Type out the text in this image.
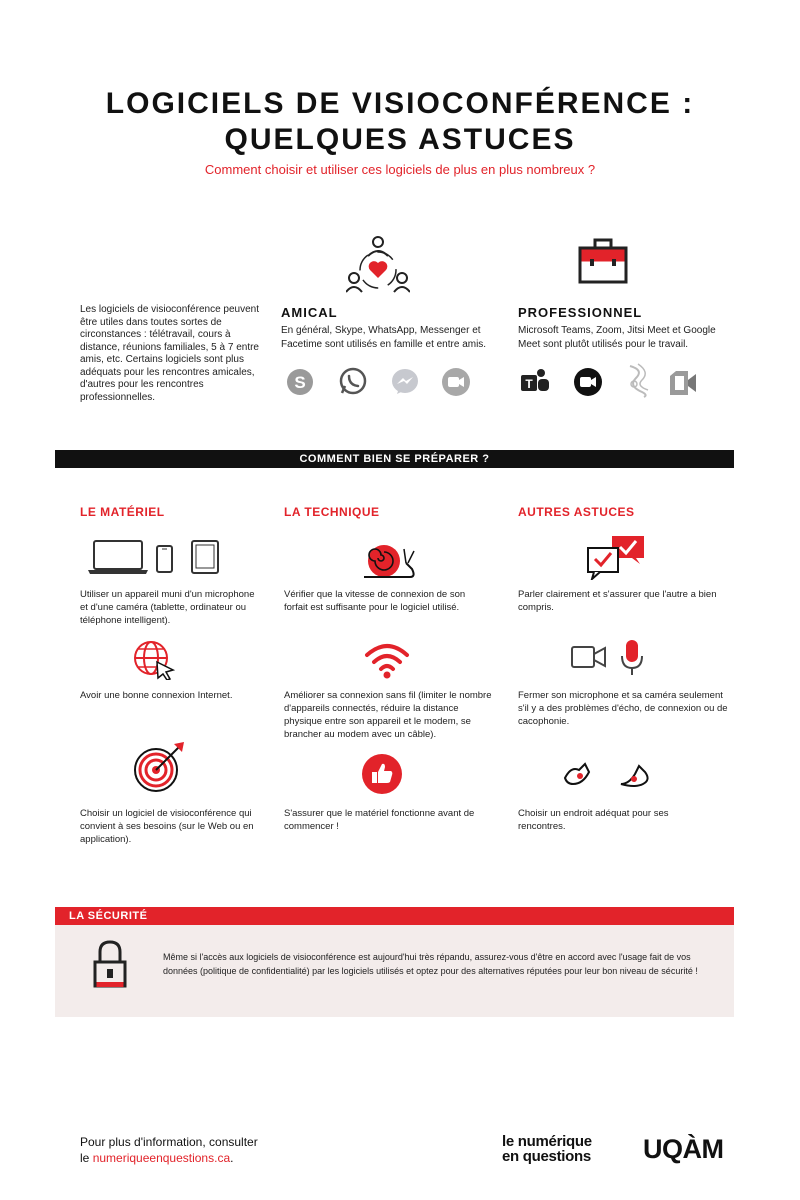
LOGICIELS DE VISIOCONFÉRENCE :
QUELQUES ASTUCES
Comment choisir et utiliser ces logiciels de plus en plus nombreux ?
Les logiciels de visioconférence peuvent être utiles dans toutes sortes de circonstances : télétravail, cours à distance, réunions familiales, 5 à 7 entre amis, etc. Certains logiciels sont plus adéquats pour les rencontres amicales, d'autres pour les rencontres professionnelles.
AMICAL
En général, Skype, WhatsApp, Messenger et Facetime sont utilisés en famille et entre amis.
S
PROFESSIONNEL
Microsoft Teams, Zoom, Jitsi Meet et Google Meet sont plutôt utilisés pour le travail.
T
COMMENT BIEN SE PRÉPARER ?
LE MATÉRIEL	LA TECHNIQUE	AUTRES ASTUCES
Utiliser un appareil muni d'un microphone et d'une caméra (tablette, ordinateur ou téléphone intelligent).
Avoir une bonne connexion Internet.
Choisir un logiciel de visioconférence qui convient à ses besoins (sur le Web ou en application).
Vérifier que la vitesse de connexion de son forfait est suffisante pour le logiciel utilisé.
Améliorer sa connexion sans fil (limiter le nombre d'appareils connectés, réduire la distance physique entre son appareil et le modem, se brancher au modem avec un câble).
S'assurer que le matériel fonctionne avant de commencer !
Parler clairement et s'assurer que l'autre a bien compris.
Fermer son microphone et sa caméra seulement s'il y a des problèmes d'écho, de connexion ou de cacophonie.
Choisir un endroit adéquat pour ses rencontres.
LA SÉCURITÉ
Même si l'accès aux logiciels de visioconférence est aujourd'hui très répandu, assurez-vous d'être en accord avec l'usage fait de vos données (politique de confidentialité) par les logiciels utilisés et optez pour des alternatives réputées pour leur bon niveau de sécurité !
Pour plus d'information, consulter
le numeriqueenquestions.ca.
le numérique
en questions UQÀM
